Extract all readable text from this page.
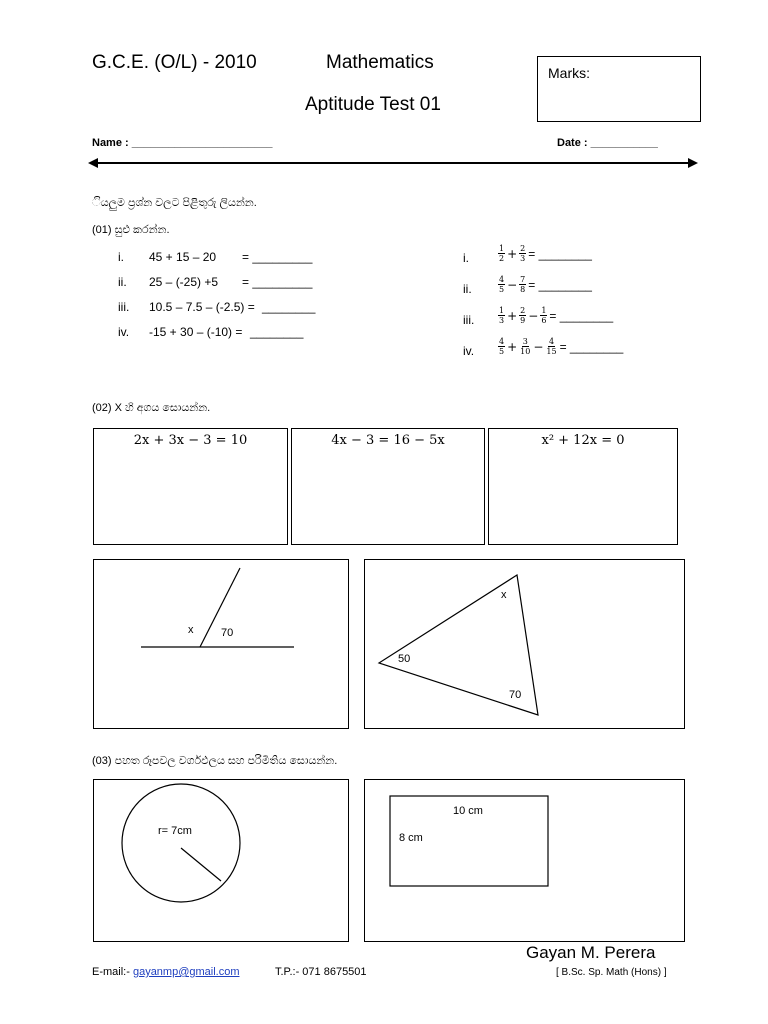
G.C.E. (O/L) - 2010	Mathematics
Aptitude Test 01
Marks:
Name : _______________________	Date : ___________
ියලුම ප්‍රශ්න වලට පිළිතුරු ලියන්න.
(01) සුළු කරන්න.
i. 45 + 15 – 20 = _________
ii. 25 – (-25) +5 = _________
iii. 10.5 – 7.5 – (-2.5) = ________
iv. -15 + 30 – (-10) = ________
i.	$\frac{1}{2} + \frac{2}{3}$ = ________
ii.	$\frac{4}{5} - \frac{7}{8}$ = ________
iii.	$\frac{1}{3} + \frac{2}{9} - \frac{1}{6}$ = ________
iv.	$\frac{4}{5} + \frac{3}{10} - \frac{4}{15}$ = ________
(02) X හි අගය සොයන්න.
2x + 3x − 3 = 10	4x − 3 = 16 − 5x	x² + 12x = 0
x	70
x
50
70
(03) පහත රූපවල වර්ගඵලය සහ පරිමිතිය සොයන්න.
r= 7cm
10 cm
8 cm
Gayan M. Perera
E-mail:- gayanmp@gmail.com	T.P.:- 071 8675501	[ B.Sc. Sp. Math (Hons) ]
